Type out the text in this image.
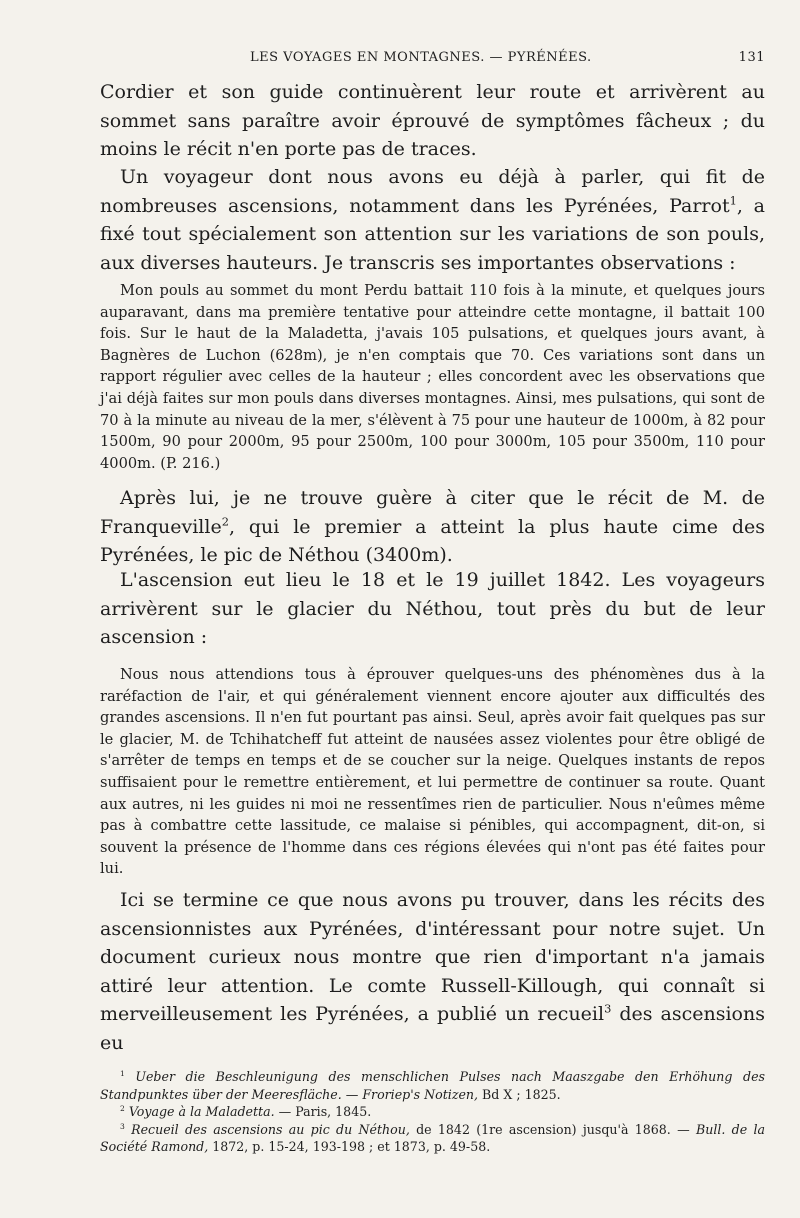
LES VOYAGES EN MONTAGNES. — PYRÉNÉES.	131

Cordier et son guide continuèrent leur route et arrivèrent au sommet sans paraître avoir éprouvé de symptômes fâcheux ; du moins le récit n'en porte pas de traces.

Un voyageur dont nous avons eu déjà à parler, qui fit de nombreuses ascensions, notamment dans les Pyrénées, Parrot$^1$, a fixé tout spécialement son attention sur les variations de son pouls, aux diverses hauteurs. Je transcris ses importantes observations :

Mon pouls au sommet du mont Perdu battait 110 fois à la minute, et quelques jours auparavant, dans ma première tentative pour atteindre cette montagne, il battait 100 fois. Sur le haut de la Maladetta, j'avais 105 pulsations, et quelques jours avant, à Bagnères de Luchon (628m), je n'en comptais que 70. Ces variations sont dans un rapport régulier avec celles de la hauteur ; elles concordent avec les observations que j'ai déjà faites sur mon pouls dans diverses montagnes. Ainsi, mes pulsations, qui sont de 70 à la minute au niveau de la mer, s'élèvent à 75 pour une hauteur de 1000m, à 82 pour 1500m, 90 pour 2000m, 95 pour 2500m, 100 pour 3000m, 105 pour 3500m, 110 pour 4000m. (P. 216.)

Après lui, je ne trouve guère à citer que le récit de M. de Franqueville$^2$, qui le premier a atteint la plus haute cime des Pyrénées, le pic de Néthou (3400m).

L'ascension eut lieu le 18 et le 19 juillet 1842. Les voyageurs arrivèrent sur le glacier du Néthou, tout près du but de leur ascension :

Nous nous attendions tous à éprouver quelques-uns des phénomènes dus à la raréfaction de l'air, et qui généralement viennent encore ajouter aux difficultés des grandes ascensions. Il n'en fut pourtant pas ainsi. Seul, après avoir fait quelques pas sur le glacier, M. de Tchihatcheff fut atteint de nausées assez violentes pour être obligé de s'arrêter de temps en temps et de se coucher sur la neige. Quelques instants de repos suffisaient pour le remettre entièrement, et lui permettre de continuer sa route. Quant aux autres, ni les guides ni moi ne ressentîmes rien de particulier. Nous n'eûmes même pas à combattre cette lassitude, ce malaise si pénibles, qui accompagnent, dit-on, si souvent la présence de l'homme dans ces régions élevées qui n'ont pas été faites pour lui.

Ici se termine ce que nous avons pu trouver, dans les récits des ascensionnistes aux Pyrénées, d'intéressant pour notre sujet. Un document curieux nous montre que rien d'important n'a jamais attiré leur attention. Le comte Russell-Killough, qui connaît si merveilleusement les Pyrénées, a publié un recueil$^3$ des ascensions eu

$^1$ Ueber die Beschleunigung des menschlichen Pulses nach Maaszgabe den Erhöhung des Standpunktes über der Meeresfläche. — Froriep's Notizen, Bd X ; 1825.

$^2$ Voyage à la Maladetta. — Paris, 1845.

$^3$ Recueil des ascensions au pic du Néthou, de 1842 (1re ascension) jusqu'à 1868. — Bull. de la Société Ramond, 1872, p. 15-24, 193-198 ; et 1873, p. 49-58.
